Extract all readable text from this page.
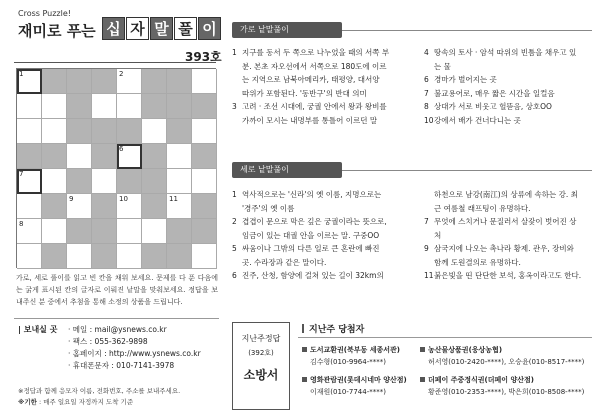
Cross Puzzle!
재미로 푸는 십 자 말 풀 이
393호
1	2
6
7
9	10	11
8
가로, 세로 풀이를 읽고 빈 칸을 채워 보세요. 문제를 다 푼 다음에는 굵게 표시된 칸의 글자로 이뤄진 낱말을 맞춰보세요. 정답을 보내주신 분 중에서 추첨을 통해 소정의 상품을 드립니다.
| 보내실 곳 · 메일 : mail@ysnews.co.kr
· 팩스 : 055-362-9898
· 홈페이지 : http://www.ysnews.co.kr
· 휴대폰문자 : 010-7141-3978
※정답과 함께 응모자 이름, 전화번호, 주소를 보내주세요.
※기한 : 매주 일요일 자정까지 도착 기준
가로 낱말풀이
1 지구를 동서 두 쪽으로 나누었을 때의 서쪽 부
분. 본초 자오선에서 서쪽으로 180도에 이르
는 지역으로 남북아메리카, 태평양, 대서양
따위가 포함된다. '동반구'의 반대 의미
3 고려 · 조선 시대에, 궁궐 안에서 왕과 왕비를
가까이 모시는 내명부를 통틀어 이르던 말
4 땅속의 토사 · 암석 따위의 빈틈을 채우고 있
는 물
6 경마가 벌어지는 곳
7 불교용어로, 매우 짧은 시간을 일컬음
8 상대가 서로 비웃고 헐뜯음, 상호OO
10강에서 배가 건너다니는 곳
세로 낱말풀이
1 역사적으로는 '신라'의 옛 이름, 지명으로는
'경주'의 옛 이름
2 겹겹이 문으로 막은 깊은 궁궐이라는 뜻으로,
임금이 있는 대궐 안을 이르는 말. 구중OO
5 싸움이나 그밖의 다른 일로 큰 혼란에 빠진
곳. 수라장과 같은 말이다.
6 진주, 산청, 함양에 걸쳐 있는 길이 32km의
하천으로 남강(南江)의 상류에 속하는 강. 최
근 여름철 래프팅이 유명하다.
7 무엇에 스치거나 문질러서 살갗이 벗어진 상
처
9 삼국지에 나오는 촉나라 황제. 관우, 장비와
함께 도원결의로 유명하다.
11붉은빛을 띤 단단한 보석, 홍옥이라고도 한다.
지난주정답
(392호)
소방서
지난주 당첨자
도서교환권(북부동 세종서관)
김수형(010-9964-****)
농산물상품권(웅상농협)
허서영(010-2420-****), 오승윤(010-8517-****)
영화관람권(롯데시네마 양산점)
이재원(010-7744-****)
더페이 주중정식권(더페이 양산점)
황준영(010-2353-****), 박은희(010-8508-****)
